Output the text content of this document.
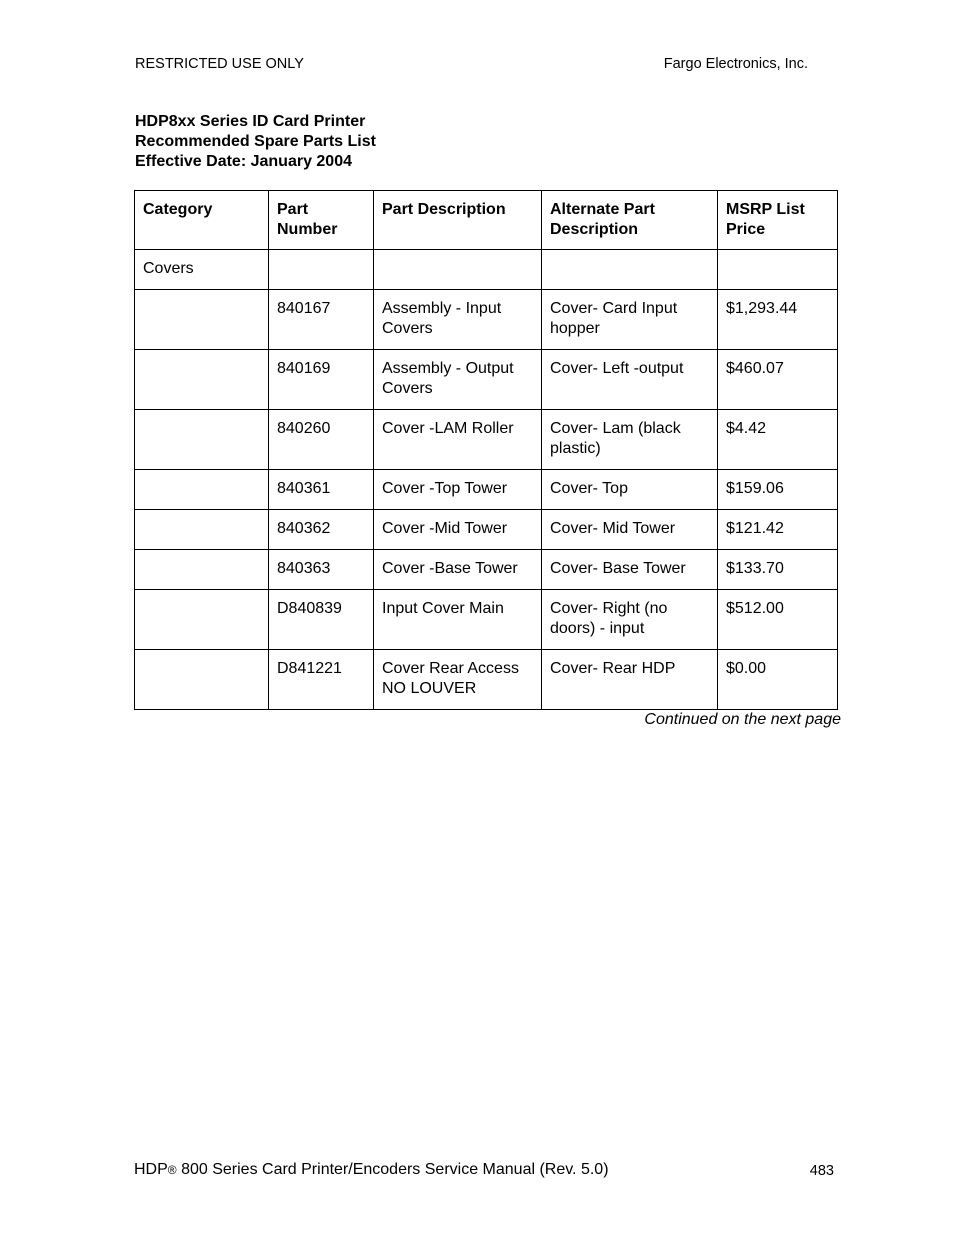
RESTRICTED USE ONLY	Fargo Electronics, Inc.
HDP8xx Series ID Card Printer
Recommended Spare Parts List
Effective Date: January 2004
Category	Part Number	Part Description	Alternate Part Description	MSRP List Price
Covers				
	840167	Assembly - Input Covers	Cover- Card Input hopper	$1,293.44
	840169	Assembly - Output Covers	Cover- Left -output	$460.07
	840260	Cover -LAM Roller	Cover- Lam (black plastic)	$4.42
	840361	Cover -Top Tower	Cover- Top	$159.06
	840362	Cover -Mid Tower	Cover- Mid Tower	$121.42
	840363	Cover -Base Tower	Cover- Base Tower	$133.70
	D840839	Input Cover Main	Cover- Right (no doors) - input	$512.00
	D841221	Cover Rear Access NO LOUVER	Cover- Rear HDP	$0.00
Continued on the next page
HDP® 800 Series Card Printer/Encoders Service Manual (Rev. 5.0)	483
